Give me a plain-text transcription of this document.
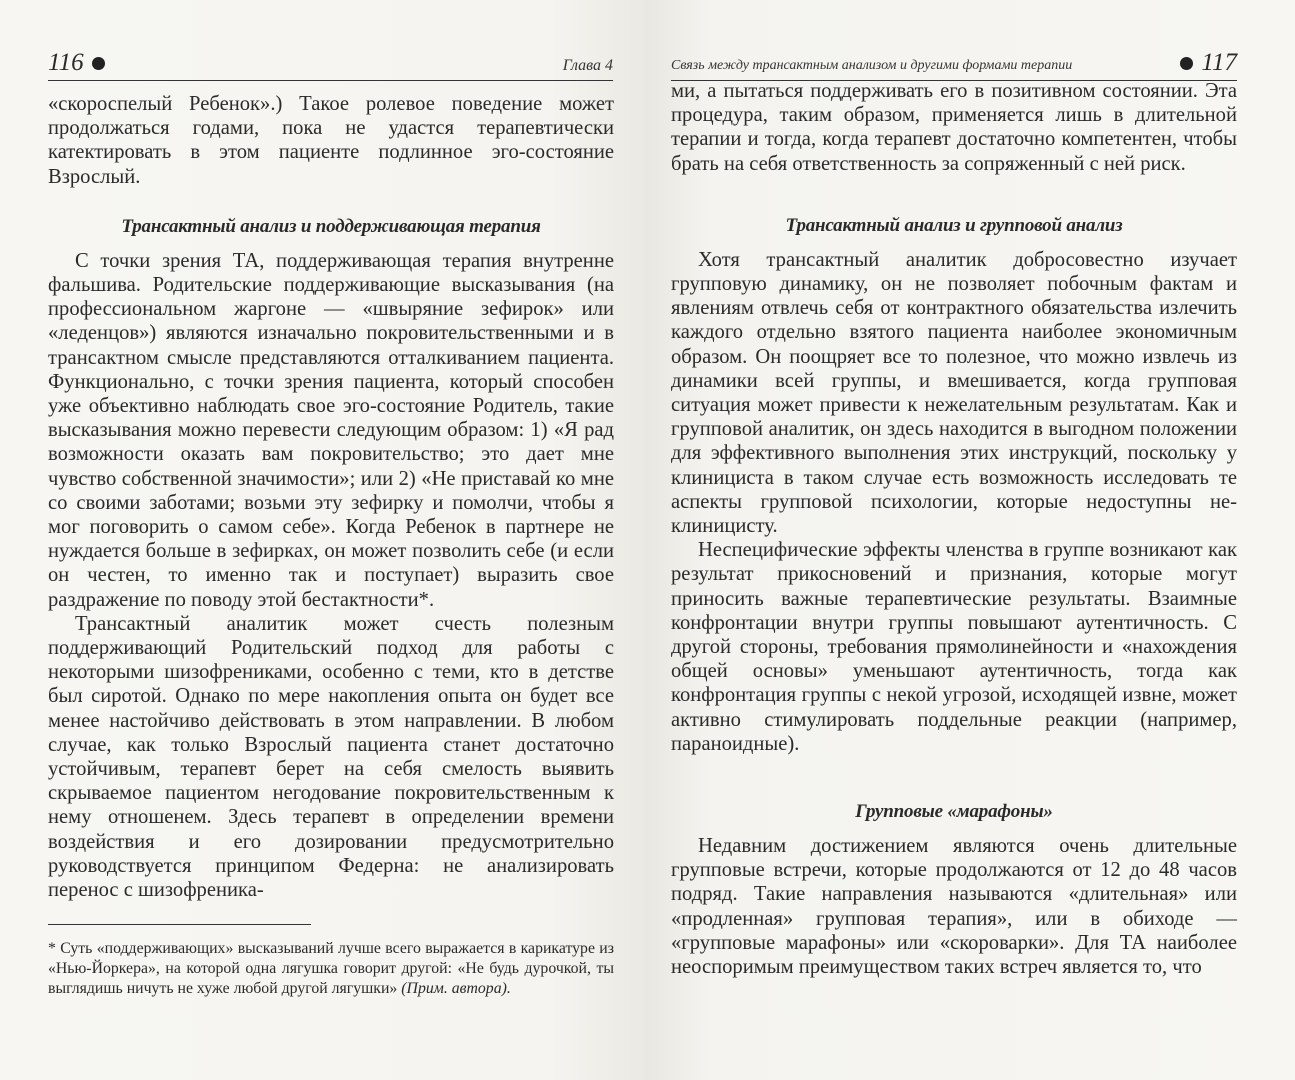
116	Глава 4

«скороспелый Ребенок».) Такое ролевое поведение может продолжаться годами, пока не удастся терапевтически катектировать в этом пациенте подлинное эго-состояние Взрослый.

Трансактный анализ и поддерживающая терапия

С точки зрения ТА, поддерживающая терапия внутренне фальшива. Родительские поддерживающие высказывания (на профессиональном жаргоне — «швыряние зефирок» или «леденцов») являются изначально покровительственными и в трансактном смысле представляются отталкиванием пациента. Функционально, с точки зрения пациента, который способен уже объективно наблюдать свое эго-состояние Родитель, такие высказывания можно перевести следующим образом: 1) «Я рад возможности оказать вам покровительство; это дает мне чувство собственной значимости»; или 2) «Не приставай ко мне со своими заботами; возьми эту зефирку и помолчи, чтобы я мог поговорить о самом себе». Когда Ребенок в партнере не нуждается больше в зефирках, он может позволить себе (и если он честен, то именно так и поступает) выразить свое раздражение по поводу этой бестактности*.

Трансактный аналитик может счесть полезным поддерживающий Родительский подход для работы с некоторыми шизофрениками, особенно с теми, кто в детстве был сиротой. Однако по мере накопления опыта он будет все менее настойчиво действовать в этом направлении. В любом случае, как только Взрослый пациента станет достаточно устойчивым, терапевт берет на себя смелость выявить скрываемое пациентом негодование покровительственным к нему отношенем. Здесь терапевт в определении времени воздействия и его дозировании предусмотрительно руководствуется принципом Федерна: не анализировать перенос с шизофреника-

* Суть «поддерживающих» высказываний лучше всего выражается в карикатуре из «Нью-Йоркера», на которой одна лягушка говорит другой: «Не будь дурочкой, ты выглядишь ничуть не хуже любой другой лягушки» (Прим. автора).
Связь между трансактным анализом и другими формами терапии	117

ми, а пытаться поддерживать его в позитивном состоянии. Эта процедура, таким образом, применяется лишь в длительной терапии и тогда, когда терапевт достаточно компетентен, чтобы брать на себя ответственность за сопряженный с ней риск.

Трансактный анализ и групповой анализ

Хотя трансактный аналитик добросовестно изучает групповую динамику, он не позволяет побочным фактам и явлениям отвлечь себя от контрактного обязательства излечить каждого отдельно взятого пациента наиболее экономичным образом. Он поощряет все то полезное, что можно извлечь из динамики всей группы, и вмешивается, когда групповая ситуация может привести к нежелательным результатам. Как и групповой аналитик, он здесь находится в выгодном положении для эффективного выполнения этих инструкций, поскольку у клинициста в таком случае есть возможность исследовать те аспекты групповой психологии, которые недоступны не-клиницисту.

Неспецифические эффекты членства в группе возникают как результат прикосновений и признания, которые могут приносить важные терапевтические результаты. Взаимные конфронтации внутри группы повышают аутентичность. С другой стороны, требования прямолинейности и «нахождения общей основы» уменьшают аутентичность, тогда как конфронтация группы с некой угрозой, исходящей извне, может активно стимулировать поддельные реакции (например, параноидные).

Групповые «марафоны»

Недавним достижением являются очень длительные групповые встречи, которые продолжаются от 12 до 48 часов подряд. Такие направления называются «длительная» или «продленная» групповая терапия», или в обиходе — «групповые марафоны» или «скороварки». Для ТА наиболее неоспоримым преимуществом таких встреч является то, что
